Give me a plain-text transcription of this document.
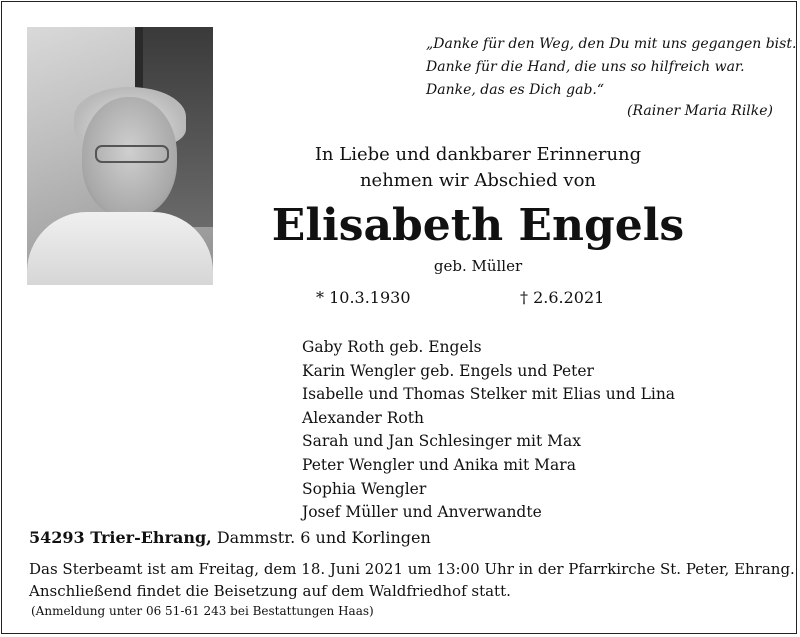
„Danke für den Weg, den Du mit uns gegangen bist.
Danke für die Hand, die uns so hilfreich war.
Danke, das es Dich gab.“
(Rainer Maria Rilke)
In Liebe und dankbarer Erinnerung
nehmen wir Abschied von
Elisabeth Engels
geb. Müller
* 10.3.1930	† 2.6.2021
Gaby Roth geb. Engels
Karin Wengler geb. Engels und Peter
Isabelle und Thomas Stelker mit Elias und Lina
Alexander Roth
Sarah und Jan Schlesinger mit Max
Peter Wengler und Anika mit Mara
Sophia Wengler
Josef Müller und Anverwandte
54293 Trier-Ehrang, Dammstr. 6 und Korlingen
Das Sterbeamt ist am Freitag, dem 18. Juni 2021 um 13:00 Uhr in der Pfarrkirche St. Peter, Ehrang.
Anschließend findet die Beisetzung auf dem Waldfriedhof statt.
(Anmeldung unter 06 51-61 243 bei Bestattungen Haas)
